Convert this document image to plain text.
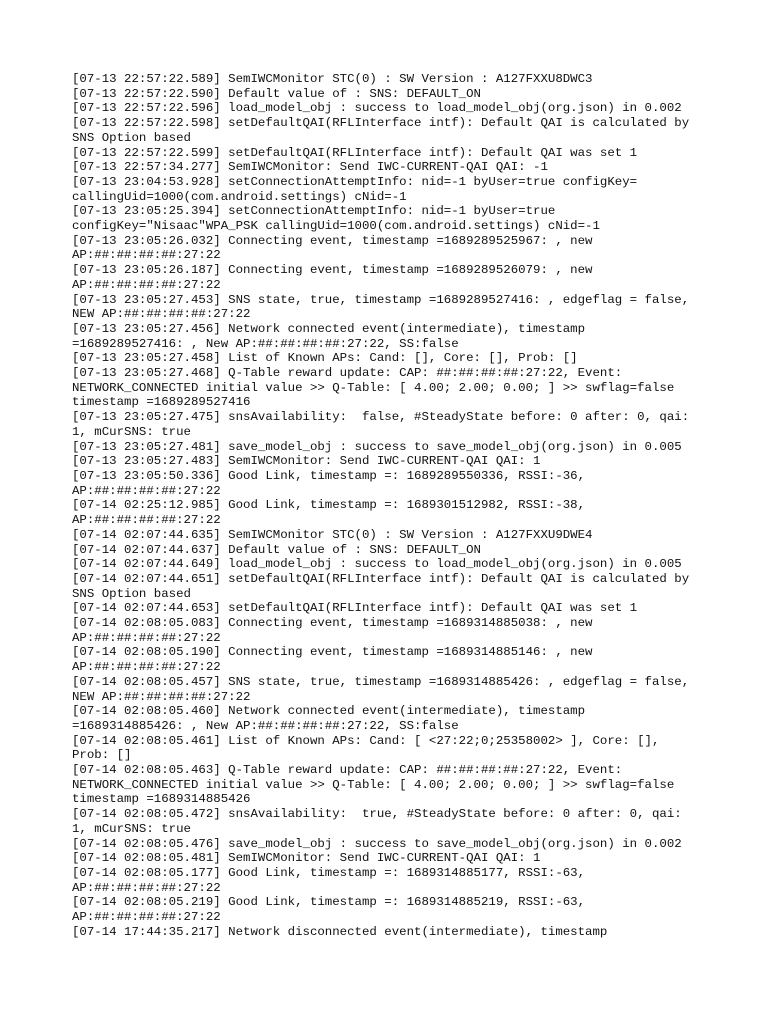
[07-13 22:57:22.589] SemIWCMonitor STC(0) : SW Version : A127FXXU8DWC3
[07-13 22:57:22.590] Default value of : SNS: DEFAULT_ON
[07-13 22:57:22.596] load_model_obj : success to load_model_obj(org.json) in 0.002
[07-13 22:57:22.598] setDefaultQAI(RFLInterface intf): Default QAI is calculated by
SNS Option based
[07-13 22:57:22.599] setDefaultQAI(RFLInterface intf): Default QAI was set 1
[07-13 22:57:34.277] SemIWCMonitor: Send IWC-CURRENT-QAI QAI: -1
[07-13 23:04:53.928] setConnectionAttemptInfo: nid=-1 byUser=true configKey=
callingUid=1000(com.android.settings) cNid=-1
[07-13 23:05:25.394] setConnectionAttemptInfo: nid=-1 byUser=true
configKey="Nisaac"WPA_PSK callingUid=1000(com.android.settings) cNid=-1
[07-13 23:05:26.032] Connecting event, timestamp =1689289525967: , new
AP:##:##:##:##:27:22
[07-13 23:05:26.187] Connecting event, timestamp =1689289526079: , new
AP:##:##:##:##:27:22
[07-13 23:05:27.453] SNS state, true, timestamp =1689289527416: , edgeflag = false,
NEW AP:##:##:##:##:27:22
[07-13 23:05:27.456] Network connected event(intermediate), timestamp
=1689289527416: , New AP:##:##:##:##:27:22, SS:false
[07-13 23:05:27.458] List of Known APs: Cand: [], Core: [], Prob: []
[07-13 23:05:27.468] Q-Table reward update: CAP: ##:##:##:##:27:22, Event:
NETWORK_CONNECTED initial value >> Q-Table: [ 4.00; 2.00; 0.00; ] >> swflag=false
timestamp =1689289527416
[07-13 23:05:27.475] snsAvailability:  false, #SteadyState before: 0 after: 0, qai:
1, mCurSNS: true
[07-13 23:05:27.481] save_model_obj : success to save_model_obj(org.json) in 0.005
[07-13 23:05:27.483] SemIWCMonitor: Send IWC-CURRENT-QAI QAI: 1
[07-13 23:05:50.336] Good Link, timestamp =: 1689289550336, RSSI:-36,
AP:##:##:##:##:27:22
[07-14 02:25:12.985] Good Link, timestamp =: 1689301512982, RSSI:-38,
AP:##:##:##:##:27:22
[07-14 02:07:44.635] SemIWCMonitor STC(0) : SW Version : A127FXXU9DWE4
[07-14 02:07:44.637] Default value of : SNS: DEFAULT_ON
[07-14 02:07:44.649] load_model_obj : success to load_model_obj(org.json) in 0.005
[07-14 02:07:44.651] setDefaultQAI(RFLInterface intf): Default QAI is calculated by
SNS Option based
[07-14 02:07:44.653] setDefaultQAI(RFLInterface intf): Default QAI was set 1
[07-14 02:08:05.083] Connecting event, timestamp =1689314885038: , new
AP:##:##:##:##:27:22
[07-14 02:08:05.190] Connecting event, timestamp =1689314885146: , new
AP:##:##:##:##:27:22
[07-14 02:08:05.457] SNS state, true, timestamp =1689314885426: , edgeflag = false,
NEW AP:##:##:##:##:27:22
[07-14 02:08:05.460] Network connected event(intermediate), timestamp
=1689314885426: , New AP:##:##:##:##:27:22, SS:false
[07-14 02:08:05.461] List of Known APs: Cand: [ <27:22;0;25358002> ], Core: [],
Prob: []
[07-14 02:08:05.463] Q-Table reward update: CAP: ##:##:##:##:27:22, Event:
NETWORK_CONNECTED initial value >> Q-Table: [ 4.00; 2.00; 0.00; ] >> swflag=false
timestamp =1689314885426
[07-14 02:08:05.472] snsAvailability:  true, #SteadyState before: 0 after: 0, qai:
1, mCurSNS: true
[07-14 02:08:05.476] save_model_obj : success to save_model_obj(org.json) in 0.002
[07-14 02:08:05.481] SemIWCMonitor: Send IWC-CURRENT-QAI QAI: 1
[07-14 02:08:05.177] Good Link, timestamp =: 1689314885177, RSSI:-63,
AP:##:##:##:##:27:22
[07-14 02:08:05.219] Good Link, timestamp =: 1689314885219, RSSI:-63,
AP:##:##:##:##:27:22
[07-14 17:44:35.217] Network disconnected event(intermediate), timestamp
